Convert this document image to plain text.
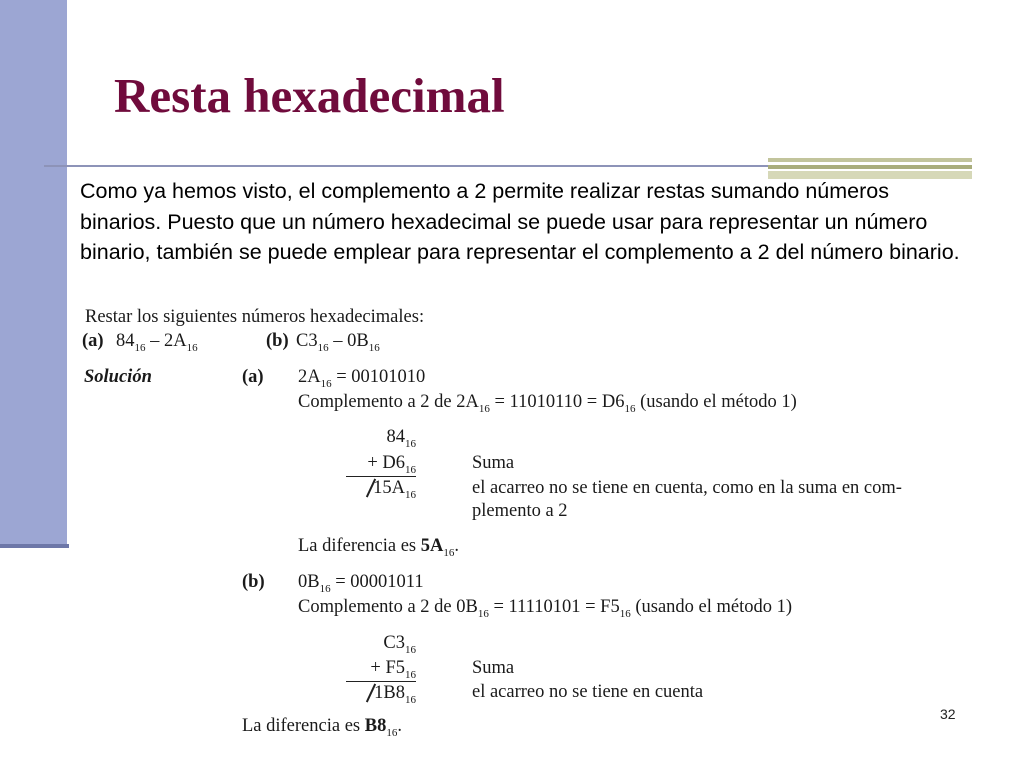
Resta hexadecimal

Como ya hemos visto, el complemento a 2 permite realizar restas sumando números binarios. Puesto que un número hexadecimal se puede usar para representar un número binario, también se puede emplear para representar el complemento a 2 del número binario.

Restar los siguientes números hexadecimales:
(a) $84_{16} - 2A_{16}$	(b) $C3_{16} - 0B_{16}$
Solución	(a) $2A_{16} = 00101010$
Complemento a 2 de $2A_{16} = 11010110 = D6_{16}$ (usando el método 1)
$84_{16}$
+ $D6_{16}$
$15A_{16}$
Suma
el acarreo no se tiene en cuenta, como en la suma en com-
plemento a 2
La diferencia es $5A_{16}$.
(b) $0B_{16} = 00001011$
Complemento a 2 de $0B_{16} = 11110101 = F5_{16}$ (usando el método 1)
$C3_{16}$
+ $F5_{16}$
$1B8_{16}$
Suma
el acarreo no se tiene en cuenta
La diferencia es $B8_{16}$.
32
